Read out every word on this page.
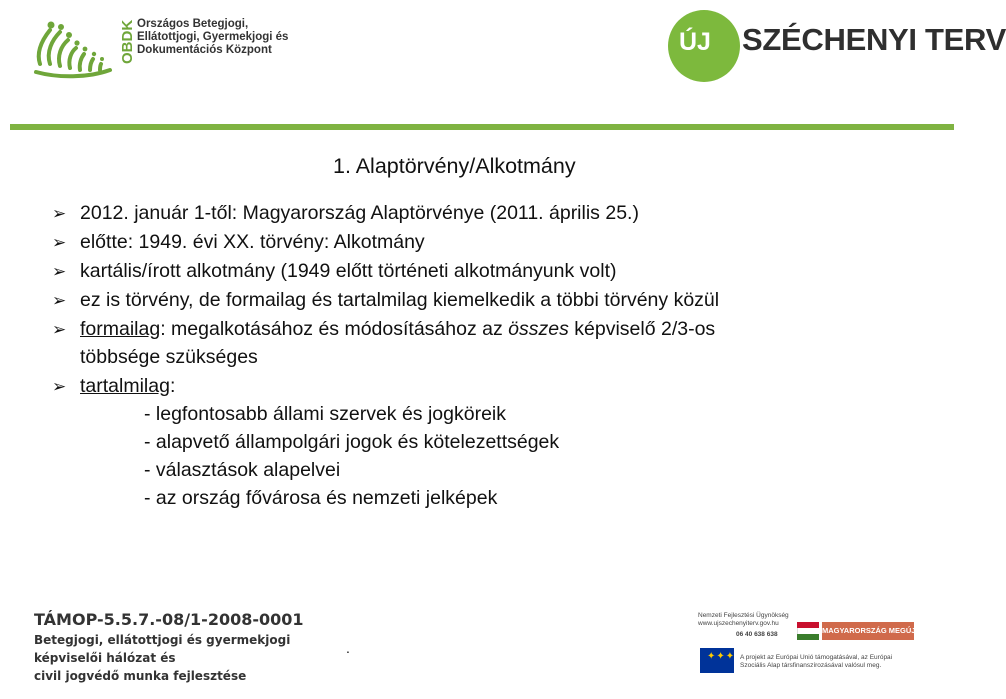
OBDK Országos Betegjogi,
Ellátottjogi, Gyermekjogi és
Dokumentációs Központ	ÚJ SZÉCHENYI TERV
1. Alaptörvény/Alkotmány
➢ 2012. január 1-től: Magyarország Alaptörvénye (2011. április 25.)
➢ előtte: 1949. évi XX. törvény: Alkotmány
➢ kartális/írott alkotmány (1949 előtt történeti alkotmányunk volt)
➢ ez is törvény, de formailag és tartalmilag kiemelkedik a többi törvény közül
➢ formailag: megalkotásához és módosításához az összes képviselő 2/3-os
többsége szükséges
➢ tartalmilag:
- legfontosabb állami szervek és jogköreik
- alapvető állampolgári jogok és kötelezettségek
- választások alapelvei
- az ország fővárosa és nemzeti jelképek
TÁMOP-5.5.7.-08/1-2008-0001
Betegjogi, ellátottjogi és gyermekjogi
képviselői hálózat és
civil jogvédő munka fejlesztése
.
Nemzeti Fejlesztési Ügynökség
www.ujszechenyiterv.gov.hu
06 40 638 638	MAGYARORSZÁG MEGÚJUL
✦✦✦ A projekt az Európai Unió támogatásával, az Európai
Szociális Alap társfinanszírozásával valósul meg.
